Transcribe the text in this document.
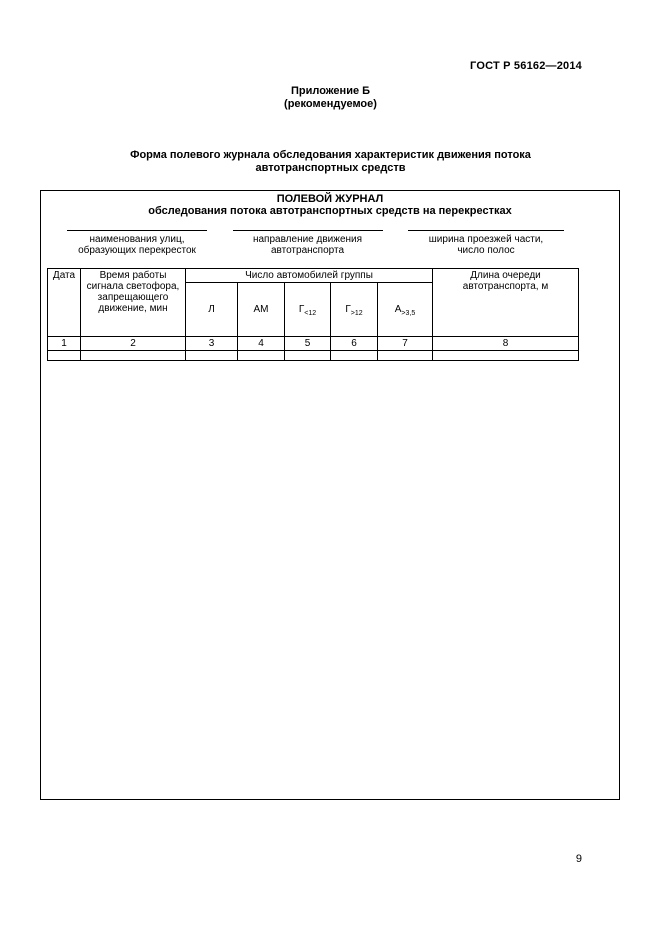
ГОСТ Р 56162—2014
Приложение Б
(рекомендуемое)
Форма полевого журнала обследования характеристик движения потока
автотранспортных средств
ПОЛЕВОЙ ЖУРНАЛ
обследования потока автотранспортных средств на перекрестках
наименования улиц,
образующих перекресток
направление движения
автотранспорта
ширина проезжей части,
число полос
Дата	Время работы сигнала светофора, запрещающего движение, мин	Число автомобилей группы					Длина очереди автотранспорта, м
		Л	АМ	$Г_{<12}$	$Г_{>12}$	$А_{>3,5}$
1	2	3	4	5	6	7	8

9
